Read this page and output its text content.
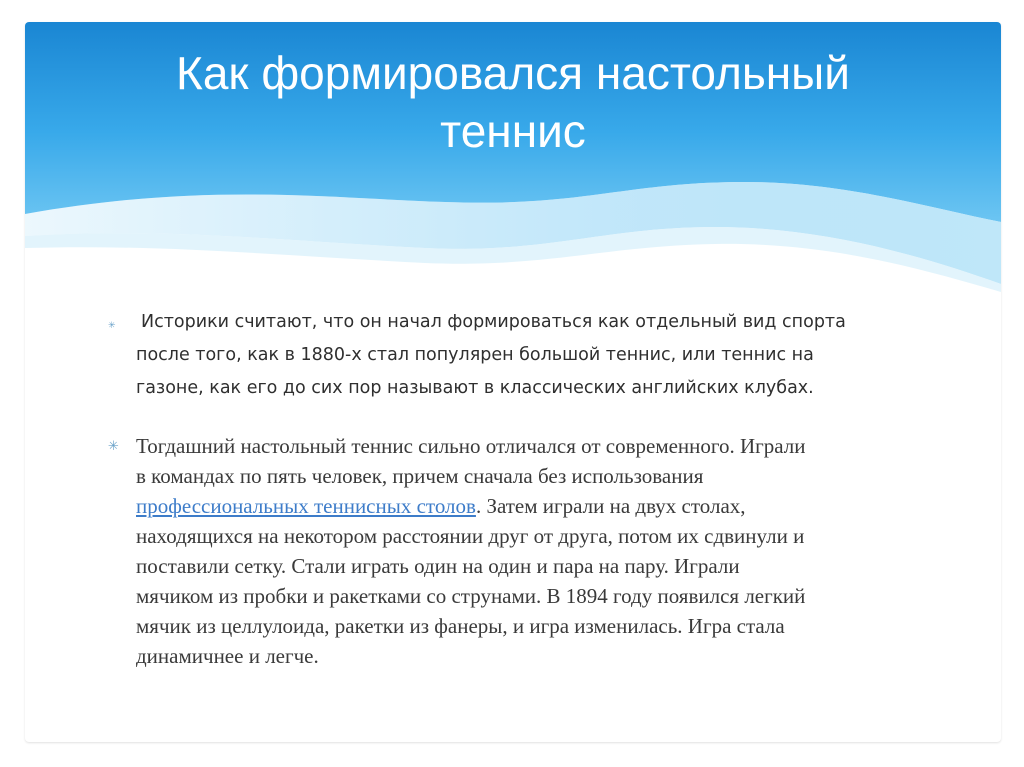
Как формировался настольный
теннис
✳ Историки считают, что он начал формироваться как отдельный вид спорта
после того, как в 1880-х стал популярен большой теннис, или теннис на
газоне, как его до сих пор называют в классических английских клубах.
✳ Тогдашний настольный теннис сильно отличался от современного. Играли
в командах по пять человек, причем сначала без использования
профессиональных теннисных столов. Затем играли на двух столах,
находящихся на некотором расстоянии друг от друга, потом их сдвинули и
поставили сетку. Стали играть один на один и пара на пару. Играли
мячиком из пробки и ракетками со струнами. В 1894 году появился легкий
мячик из целлулоида, ракетки из фанеры, и игра изменилась. Игра стала
динамичнее и легче.
